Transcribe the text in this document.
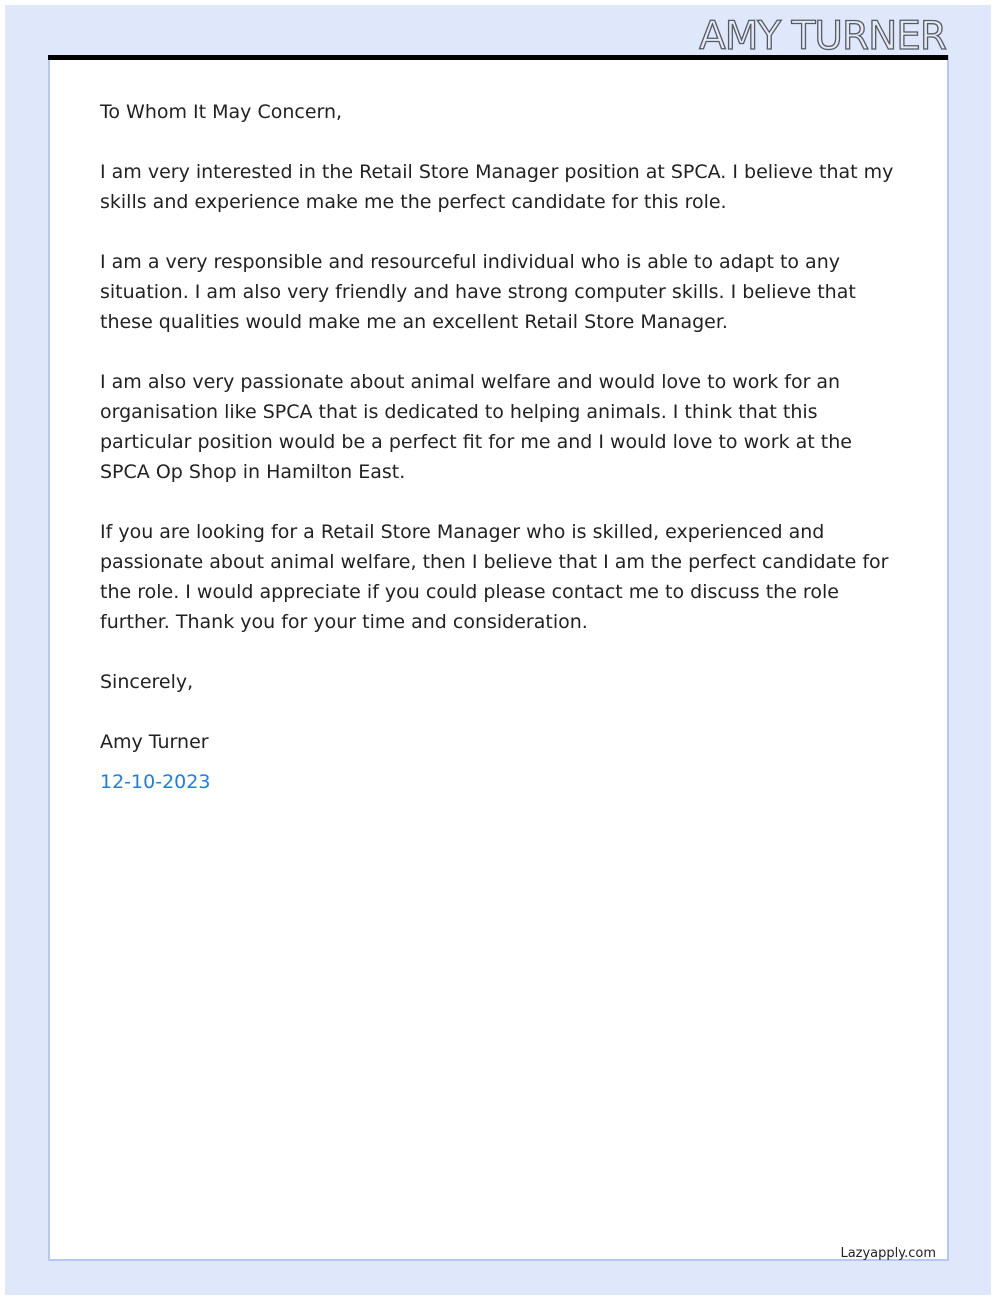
AMY TURNER

To Whom It May Concern,

I am very interested in the Retail Store Manager position at SPCA. I believe that my skills and experience make me the perfect candidate for this role.

I am a very responsible and resourceful individual who is able to adapt to any situation. I am also very friendly and have strong computer skills. I believe that these qualities would make me an excellent Retail Store Manager.

I am also very passionate about animal welfare and would love to work for an organisation like SPCA that is dedicated to helping animals. I think that this particular position would be a perfect fit for me and I would love to work at the SPCA Op Shop in Hamilton East.

If you are looking for a Retail Store Manager who is skilled, experienced and passionate about animal welfare, then I believe that I am the perfect candidate for the role. I would appreciate if you could please contact me to discuss the role further. Thank you for your time and consideration.

Sincerely,

Amy Turner

12-10-2023

Lazyapply.com
